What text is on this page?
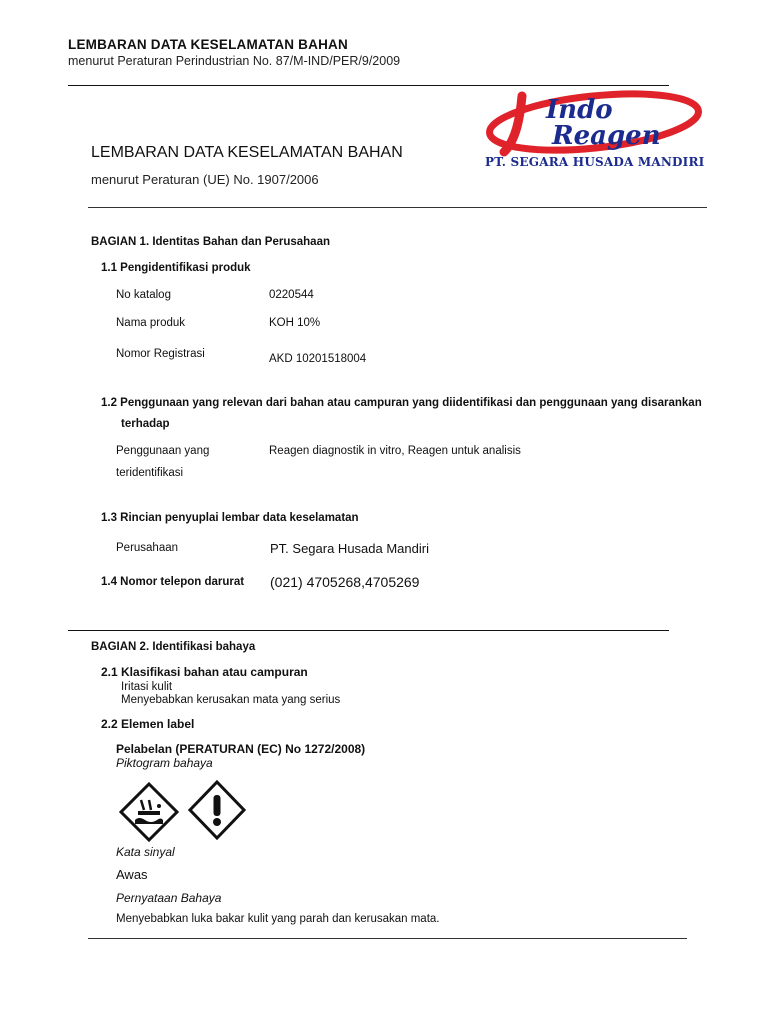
LEMBARAN DATA KESELAMATAN BAHAN
menurut Peraturan Perindustrian No. 87/M-IND/PER/9/2009
Indo
Reagen
PT. SEGARA HUSADA MANDIRI
LEMBARAN DATA KESELAMATAN BAHAN
menurut Peraturan (UE) No. 1907/2006
BAGIAN 1. Identitas Bahan dan Perusahaan
1.1 Pengidentifikasi produk
No katalog	0220544
Nama produk	KOH 10%
Nomor Registrasi	AKD 10201518004
1.2 Penggunaan yang relevan dari bahan atau campuran yang diidentifikasi dan penggunaan yang disarankan
terhadap
Penggunaan yang
teridentifikasi
Reagen diagnostik in vitro, Reagen untuk analisis
1.3 Rincian penyuplai lembar data keselamatan
Perusahaan	PT. Segara Husada Mandiri
1.4 Nomor telepon darurat (021) 4705268,4705269
BAGIAN 2. Identifikasi bahaya
2.1 Klasifikasi bahan atau campuran
Iritasi kulit
Menyebabkan kerusakan mata yang serius
2.2 Elemen label
Pelabelan (PERATURAN (EC) No 1272/2008)
Piktogram bahaya
Kata sinyal
Awas
Pernyataan Bahaya
Menyebabkan luka bakar kulit yang parah dan kerusakan mata.
